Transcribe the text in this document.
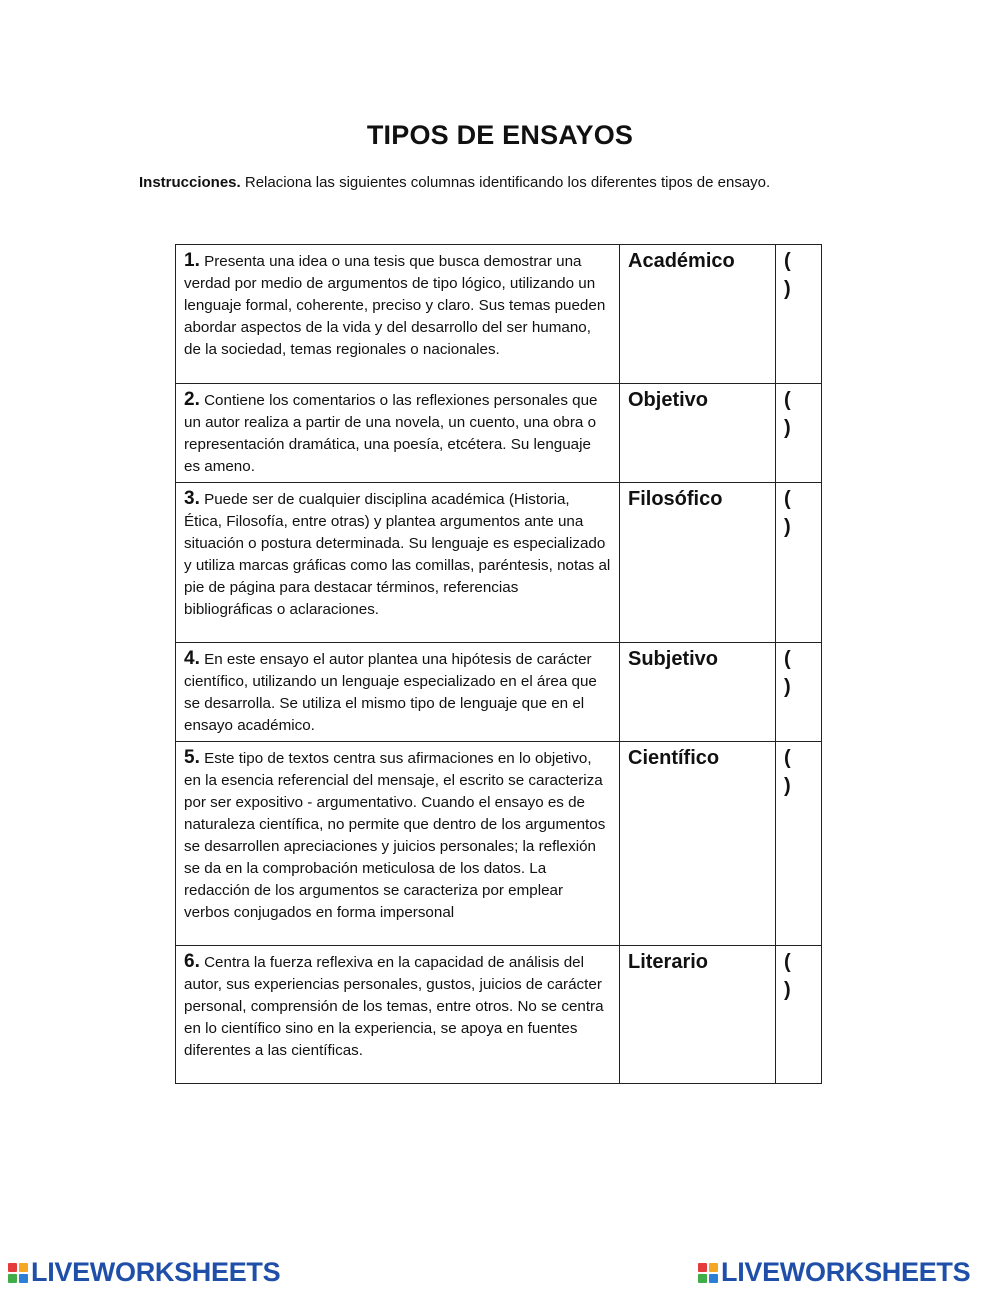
TIPOS DE ENSAYOS
Instrucciones. Relaciona las siguientes columnas identificando los diferentes tipos de ensayo.
1. Presenta una idea o una tesis que busca demostrar una verdad por medio de argumentos de tipo lógico, utilizando un lenguaje formal, coherente, preciso y claro. Sus temas pueden abordar aspectos de la vida y del desarrollo del ser humano, de la sociedad, temas regionales o nacionales.	Académico	()
2. Contiene los comentarios o las reflexiones personales que un autor realiza a partir de una novela, un cuento, una obra o representación dramática, una poesía, etcétera. Su lenguaje es ameno.	Objetivo	()
3. Puede ser de cualquier disciplina académica (Historia, Ética, Filosofía, entre otras) y plantea argumentos ante una situación o postura determinada. Su lenguaje es especializado y utiliza marcas gráficas como las comillas, paréntesis, notas al pie de página para destacar términos, referencias bibliográficas o aclaraciones.	Filosófico	()
4. En este ensayo el autor plantea una hipótesis de carácter científico, utilizando un lenguaje especializado en el área que se desarrolla. Se utiliza el mismo tipo de lenguaje que en el ensayo académico.	Subjetivo	()
5. Este tipo de textos centra sus afirmaciones en lo objetivo, en la esencia referencial del mensaje, el escrito se caracteriza por ser expositivo - argumentativo. Cuando el ensayo es de naturaleza científica, no permite que dentro de los argumentos se desarrollen apreciaciones y juicios personales; la reflexión se da en la comprobación meticulosa de los datos. La redacción de los argumentos se caracteriza por emplear verbos conjugados en forma impersonal	Científico	()
6. Centra la fuerza reflexiva en la capacidad de análisis del autor, sus experiencias personales, gustos, juicios de carácter personal, comprensión de los temas, entre otros. No se centra en lo científico sino en la experiencia, se apoya en fuentes diferentes a las científicas.	Literario	()
LIVEWORKSHEETS	LIVEWORKSHEETS
